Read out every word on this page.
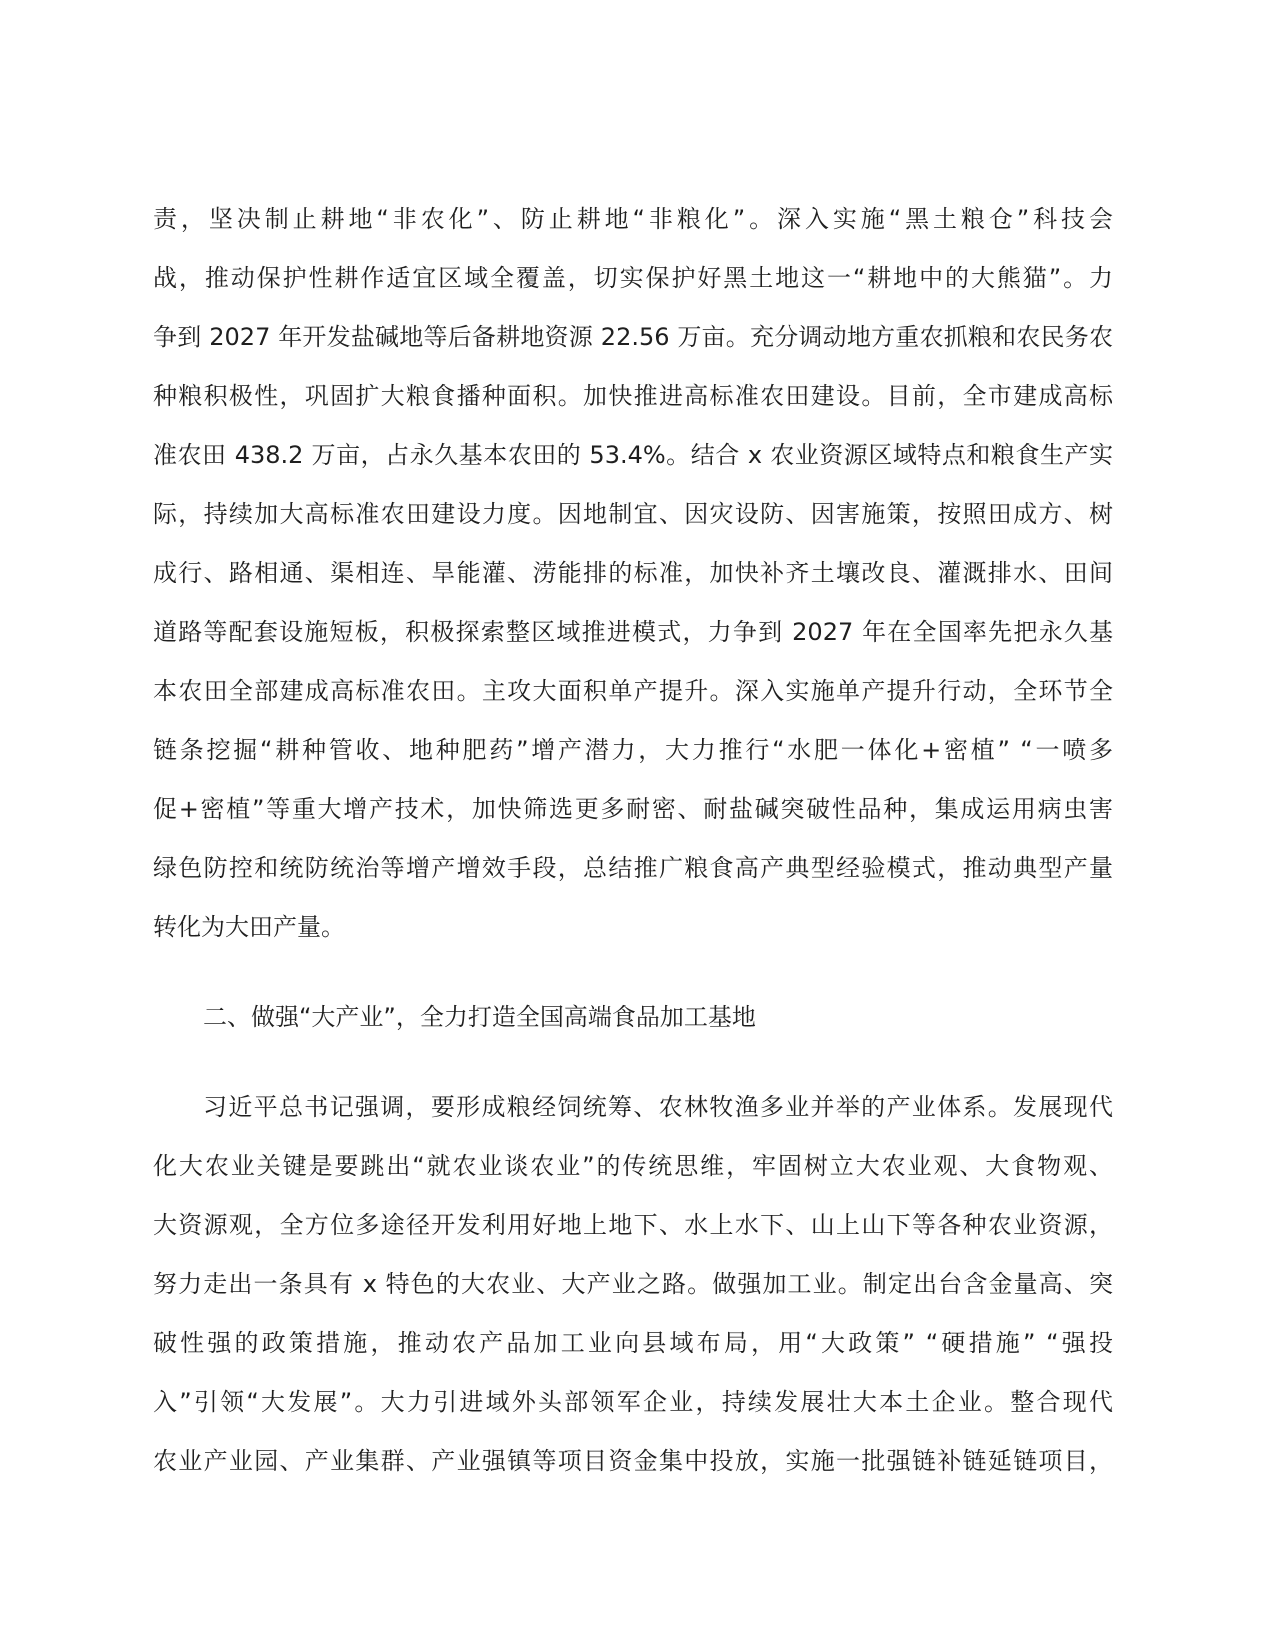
责，坚决制止耕地“非农化”、防止耕地“非粮化”。深入实施“黑土粮仓”科技会
战，推动保护性耕作适宜区域全覆盖，切实保护好黑土地这一“耕地中的大熊猫”。力
争到 2027 年开发盐碱地等后备耕地资源 22.56 万亩。充分调动地方重农抓粮和农民务农
种粮积极性，巩固扩大粮食播种面积。加快推进高标准农田建设。目前，全市建成高标
准农田 438.2 万亩，占永久基本农田的 53.4%。结合 x 农业资源区域特点和粮食生产实
际，持续加大高标准农田建设力度。因地制宜、因灾设防、因害施策，按照田成方、树
成行、路相通、渠相连、旱能灌、涝能排的标准，加快补齐土壤改良、灌溉排水、田间
道路等配套设施短板，积极探索整区域推进模式，力争到 2027 年在全国率先把永久基
本农田全部建成高标准农田。主攻大面积单产提升。深入实施单产提升行动，全环节全
链条挖掘“耕种管收、地种肥药”增产潜力，大力推行“水肥一体化+密植” “一喷多
促+密植”等重大增产技术，加快筛选更多耐密、耐盐碱突破性品种，集成运用病虫害
绿色防控和统防统治等增产增效手段，总结推广粮食高产典型经验模式，推动典型产量
转化为大田产量。
二、做强“大产业”，全力打造全国高端食品加工基地
习近平总书记强调，要形成粮经饲统筹、农林牧渔多业并举的产业体系。发展现代
化大农业关键是要跳出“就农业谈农业”的传统思维，牢固树立大农业观、大食物观、
大资源观，全方位多途径开发利用好地上地下、水上水下、山上山下等各种农业资源，
努力走出一条具有 x 特色的大农业、大产业之路。做强加工业。制定出台含金量高、突
破性强的政策措施，推动农产品加工业向县域布局，用“大政策” “硬措施” “强投
入”引领“大发展”。大力引进域外头部领军企业，持续发展壮大本土企业。整合现代
农业产业园、产业集群、产业强镇等项目资金集中投放，实施一批强链补链延链项目，
